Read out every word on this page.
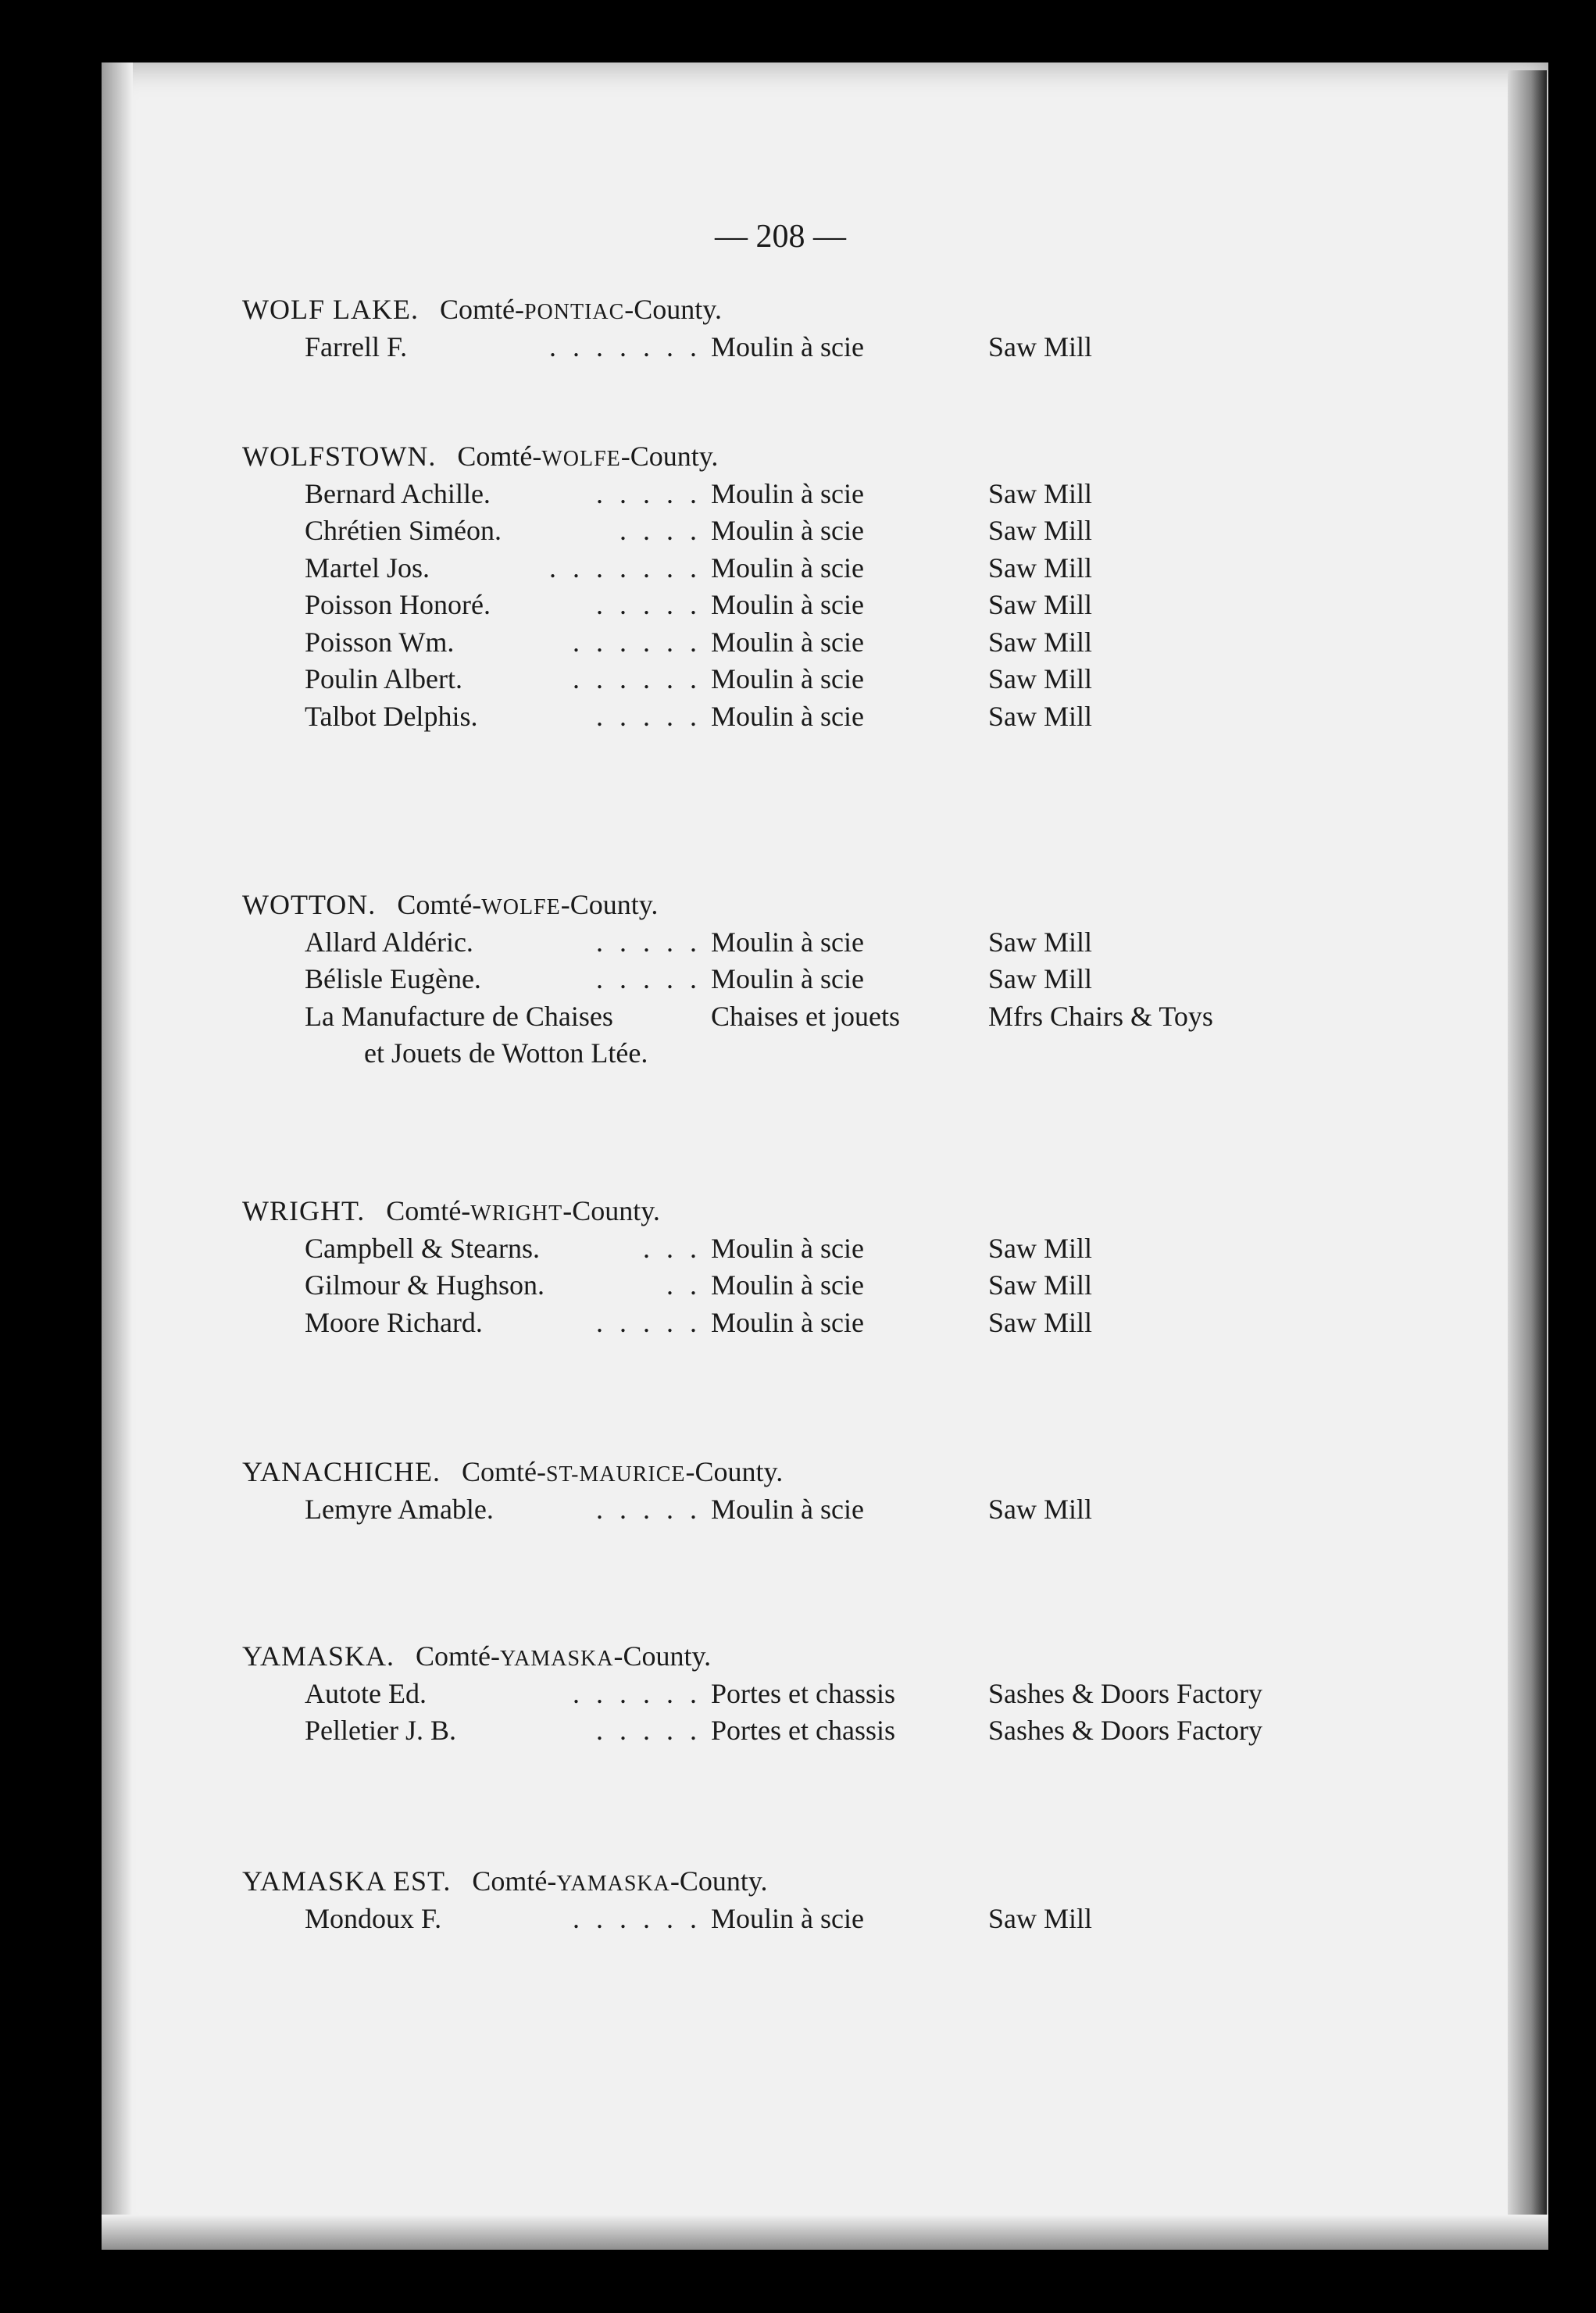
— 208 —
WOLF LAKE. Comté-PONTIAC-County.
Farrell F.	. . . . . . . Moulin à scie	Saw Mill
WOLFSTOWN. Comté-WOLFE-County.
Bernard Achille.	. . . . . Moulin à scie	Saw Mill
Chrétien Siméon.	. . . . Moulin à scie	Saw Mill
Martel Jos.	. . . . . . . Moulin à scie	Saw Mill
Poisson Honoré.	. . . . . Moulin à scie	Saw Mill
Poisson Wm.	. . . . . . Moulin à scie	Saw Mill
Poulin Albert.	. . . . . . Moulin à scie	Saw Mill
Talbot Delphis.	. . . . . Moulin à scie	Saw Mill
WOTTON. Comté-WOLFE-County.
Allard Aldéric.	. . . . . Moulin à scie	Saw Mill
Bélisle Eugène.	. . . . . Moulin à scie	Saw Mill
La Manufacture de Chaises	Chaises et jouets	Mfrs Chairs & Toys
et Jouets de Wotton Ltée.
WRIGHT. Comté-WRIGHT-County.
Campbell & Stearns.	. . . Moulin à scie	Saw Mill
Gilmour & Hughson.	. . Moulin à scie	Saw Mill
Moore Richard.	. . . . . Moulin à scie	Saw Mill
YANACHICHE. Comté-ST-MAURICE-County.
Lemyre Amable.	. . . . . Moulin à scie	Saw Mill
YAMASKA. Comté-YAMASKA-County.
Autote Ed.	. . . . . . Portes et chassis	Sashes & Doors Factory
Pelletier J. B.	. . . . . Portes et chassis	Sashes & Doors Factory
YAMASKA EST. Comté-YAMASKA-County.
Mondoux F.	. . . . . . Moulin à scie	Saw Mill
